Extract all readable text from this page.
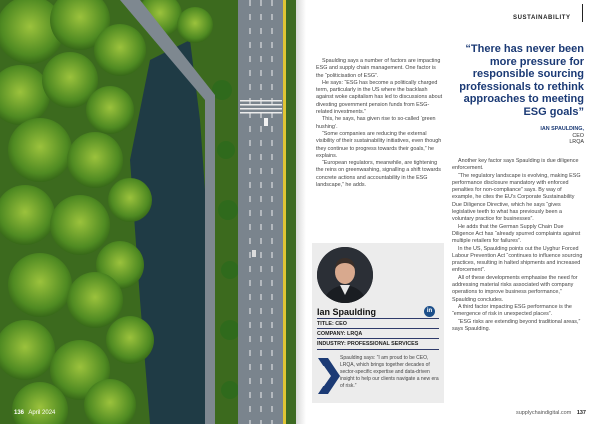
136 April 2024

Spaulding says a number of factors are impacting ESG and supply chain management. One factor is the “politicisation of ESG”.

He says: “ESG has become a politically charged term, particularly in the US where the backlash against woke capitalism has led to discussions about divesting government pension funds from ESG-related investments.”

This, he says, has given rise to so-called ‘green hushing’.

“Some companies are reducing the external visibility of their sustainability initiatives, even though they continue to progress towards their goals,” he explains.

“European regulators, meanwhile, are tightening the reins on greenwashing, signalling a shift towards concrete actions and accountability in the ESG landscape,” he adds.

Ian Spaulding	in
TITLE: CEO
COMPANY: LRQA
INDUSTRY: PROFESSIONAL SERVICES
Spaulding says: “I am proud to be CEO, LRQA, which brings together decades of sector-specific expertise and data-driven insight to help our clients navigate a new era of risk.”
SUSTAINABILITY
“There has never been more pressure for responsible sourcing professionals to rethink approaches to meeting ESG goals”
IAN SPAULDING,
CEO
LRQA

Another key factor says Spaulding is due diligence enforcement.

“The regulatory landscape is evolving, making ESG performance disclosure mandatory with enforced penalties for non-compliance” says. By way of example, he cites the EU’s Corporate Sustainability Due Diligence Directive, which he says “gives legislative teeth to what has previously been a voluntary practice for businesses”.

He adds that the German Supply Chain Due Diligence Act has “already spurred complaints against multiple retailers for failures”.

In the US, Spaulding points out the Uyghur Forced Labour Prevention Act “continues to influence sourcing practices, resulting in halted shipments and increased enforcement”.

All of these developments emphasise the need for addressing material risks associated with company operations to improve business performance,” Spaulding concludes.

A third factor impacting ESG performance is the “emergence of risk in unexpected places”.

“ESG risks are extending beyond traditional areas,” says Spaulding.

supplychaindigital.com 137
